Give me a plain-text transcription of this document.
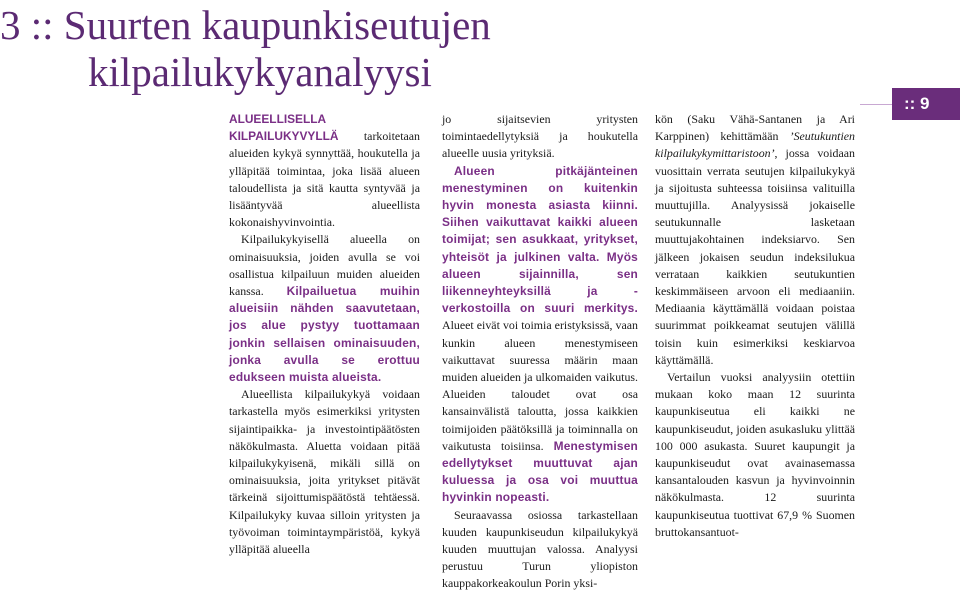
3 :: Suurten kaupunkiseutujen
kilpailukykyanalyysi
:: 9

ALUEELLISELLA KILPAILUKYVYLLÄ tarkoitetaan alueiden kykyä synnyttää, houkutella ja ylläpitää toimintaa, joka lisää alueen taloudellista ja sitä kautta syntyvää ja lisääntyvää alueellista kokonaishyvinvointia.

Kilpailukykyisellä alueella on ominaisuuksia, joiden avulla se voi osallistua kilpailuun muiden alueiden kanssa. Kilpailuetua muihin alueisiin nähden saavutetaan, jos alue pystyy tuottamaan jonkin sellaisen ominaisuuden, jonka avulla se erottuu edukseen muista alueista.

Alueellista kilpailukykyä voidaan tarkastella myös esimerkiksi yritysten sijaintipaikka- ja investointipäätösten näkökulmasta. Aluetta voidaan pitää kilpailukykyisenä, mikäli sillä on ominaisuuksia, joita yritykset pitävät tärkeinä sijoittumispäätöstä tehtäessä. Kilpailukyky kuvaa silloin yritysten ja työvoiman toimintaympäristöä, kykyä ylläpitää alueella

jo sijaitsevien yritysten toimintaedellytyksiä ja houkutella alueelle uusia yrityksiä.

Alueen pitkäjänteinen menestyminen on kuitenkin hyvin monesta asiasta kiinni. Siihen vaikuttavat kaikki alueen toimijat; sen asukkaat, yritykset, yhteisöt ja julkinen valta. Myös alueen sijainnilla, sen liikenneyhteyksillä ja -verkostoilla on suuri merkitys. Alueet eivät voi toimia eristyksissä, vaan kunkin alueen menestymiseen vaikuttavat suuressa määrin maan muiden alueiden ja ulkomaiden vaikutus. Alueiden taloudet ovat osa kansainvälistä taloutta, jossa kaikkien toimijoiden päätöksillä ja toiminnalla on vaikutusta toisiinsa. Menestymisen edellytykset muuttuvat ajan kuluessa ja osa voi muuttua hyvinkin nopeasti.

Seuraavassa osiossa tarkastellaan kuuden kaupunkiseudun kilpailukykyä kuuden muuttujan valossa. Analyysi perustuu Turun yliopiston kauppakorkeakoulun Porin yksi-

kön (Saku Vähä-Santanen ja Ari Karppinen) kehittämään ’Seutukuntien kilpailukykymittaristoon’, jossa voidaan vuosittain verrata seutujen kilpailukykyä ja sijoitusta suhteessa toisiinsa valituilla muuttujilla. Analyysissä jokaiselle seutukunnalle lasketaan muuttujakohtainen indeksiarvo. Sen jälkeen jokaisen seudun indeksilukua verrataan kaikkien seutukuntien keskimmäiseen arvoon eli mediaaniin. Mediaania käyttämällä voidaan poistaa suurimmat poikkeamat seutujen välillä toisin kuin esimerkiksi keskiarvoa käyttämällä.

Vertailun vuoksi analyysiin otettiin mukaan koko maan 12 suurinta kaupunkiseutua eli kaikki ne kaupunkiseudut, joiden asukasluku ylittää 100 000 asukasta. Suuret kaupungit ja kaupunkiseudut ovat avainasemassa kansantalouden kasvun ja hyvinvoinnin näkökulmasta. 12 suurinta kaupunkiseutua tuottivat 67,9 % Suomen bruttokansantuot-
